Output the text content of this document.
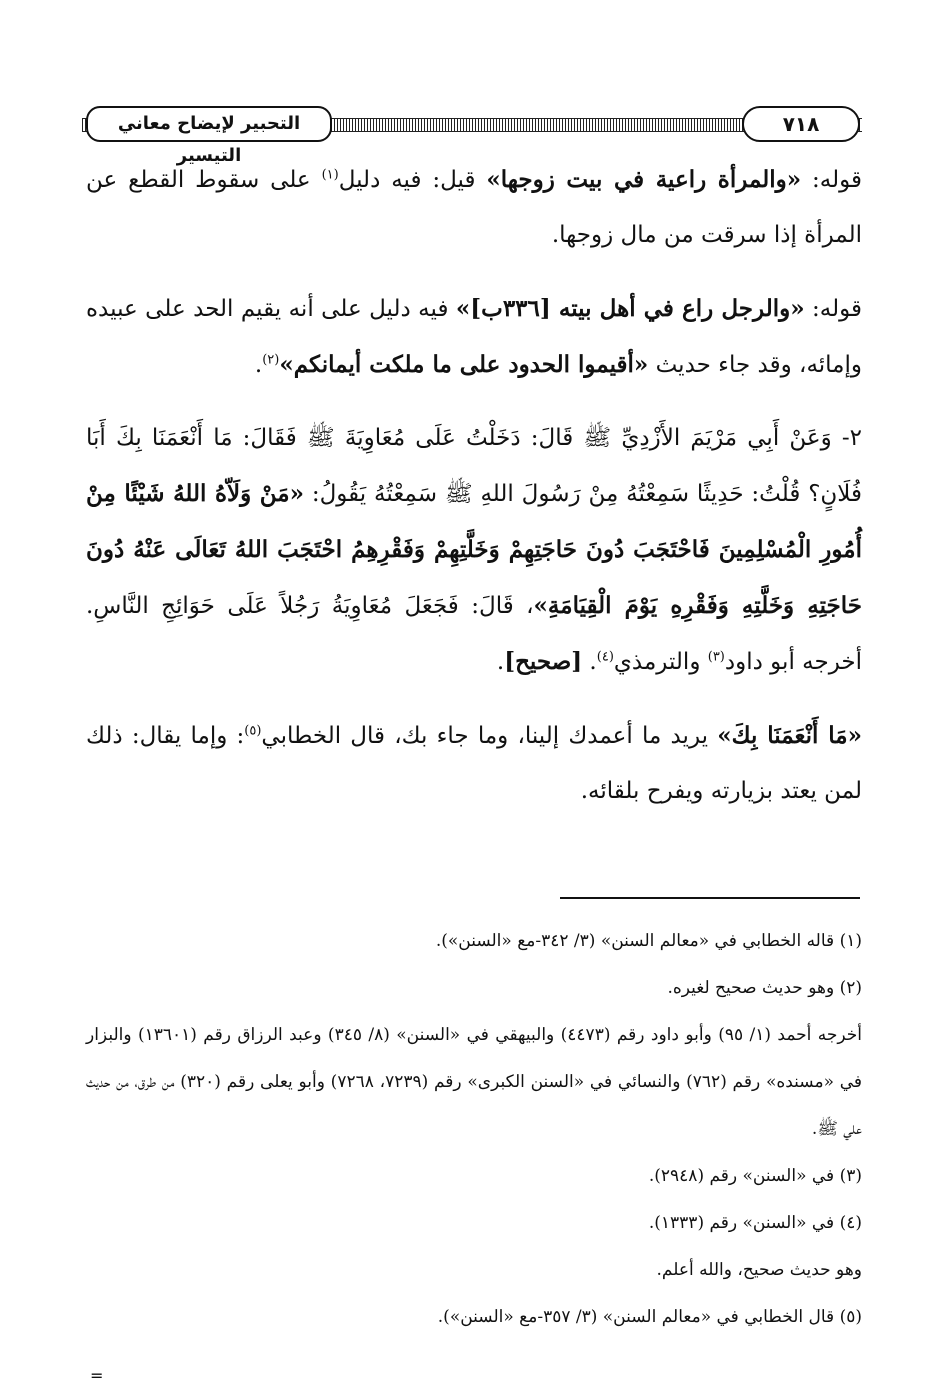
التحبير لإيضاح معاني التيسير
٧١٨

قوله: «والمرأة راعية في بيت زوجها» قيل: فيه دليل$^{(١)}$ على سقوط القطع عن المرأة إذا سرقت من مال زوجها.

قوله: «والرجل راع في أهل بيته [٣٣٦ب]» فيه دليل على أنه يقيم الحد على عبيده وإمائه، وقد جاء حديث «أقيموا الحدود على ما ملكت أيمانكم»$^{(٢)}$.

٢- وَعَنْ أَبِي مَرْيَمَ الأَزْدِيِّ ﷺ قَالَ: دَخَلْتُ عَلَى مُعَاوِيَةَ ﷺ فَقَالَ: مَا أَنْعَمَنَا بِكَ أَبَا فُلَانٍ؟ قُلْتُ: حَدِيثًا سَمِعْتُهُ مِنْ رَسُولَ اللهِ ﷺ سَمِعْتُهُ يَقُولُ: «مَنْ وَلَاّهُ اللهُ شَيْئًا مِنْ أُمُورِ الْمُسْلِمِينَ فَاحْتَجَبَ دُونَ حَاجَتِهِمْ وَخَلَّتِهِمْ وَفَقْرِهِمُ احْتَجَبَ اللهُ تَعَالَى عَنْهُ دُونَ حَاجَتِهِ وَخَلَّتِهِ وَفَقْرِهِ يَوْمَ الْقِيَامَةِ»، قَالَ: فَجَعَلَ مُعَاوِيَةُ رَجُلاً عَلَى حَوَائِجِ النَّاسِ. أخرجه أبو داود$^{(٣)}$ والترمذي$^{(٤)}$. [صحيح].

«مَا أَنْعَمَنَا بِكَ» يريد ما أعمدك إلينا، وما جاء بك، قال الخطابي$^{(٥)}$: وإما يقال: ذلك لمن يعتد بزيارته ويفرح بلقائه.

(١) قاله الخطابي في «معالم السنن» (٣/ ٣٤٢-مع «السنن»).

(٢) وهو حديث صحيح لغيره.

أخرجه أحمد (١/ ٩٥) وأبو داود رقم (٤٤٧٣) والبيهقي في «السنن» (٨/ ٣٤٥) وعبد الرزاق رقم (١٣٦٠١) والبزار في «مسنده» رقم (٧٦٢) والنسائي في «السنن الكبرى» رقم (٧٢٣٩، ٧٢٦٨) وأبو يعلى رقم (٣٢٠) من طرق، من حديث علي ﷺ.

(٣) في «السنن» رقم (٢٩٤٨).

(٤) في «السنن» رقم (١٣٣٣).

وهو حديث صحيح، والله أعلم.

(٥) قال الخطابي في «معالم السنن» (٣/ ٣٥٧-مع «السنن»).

=
